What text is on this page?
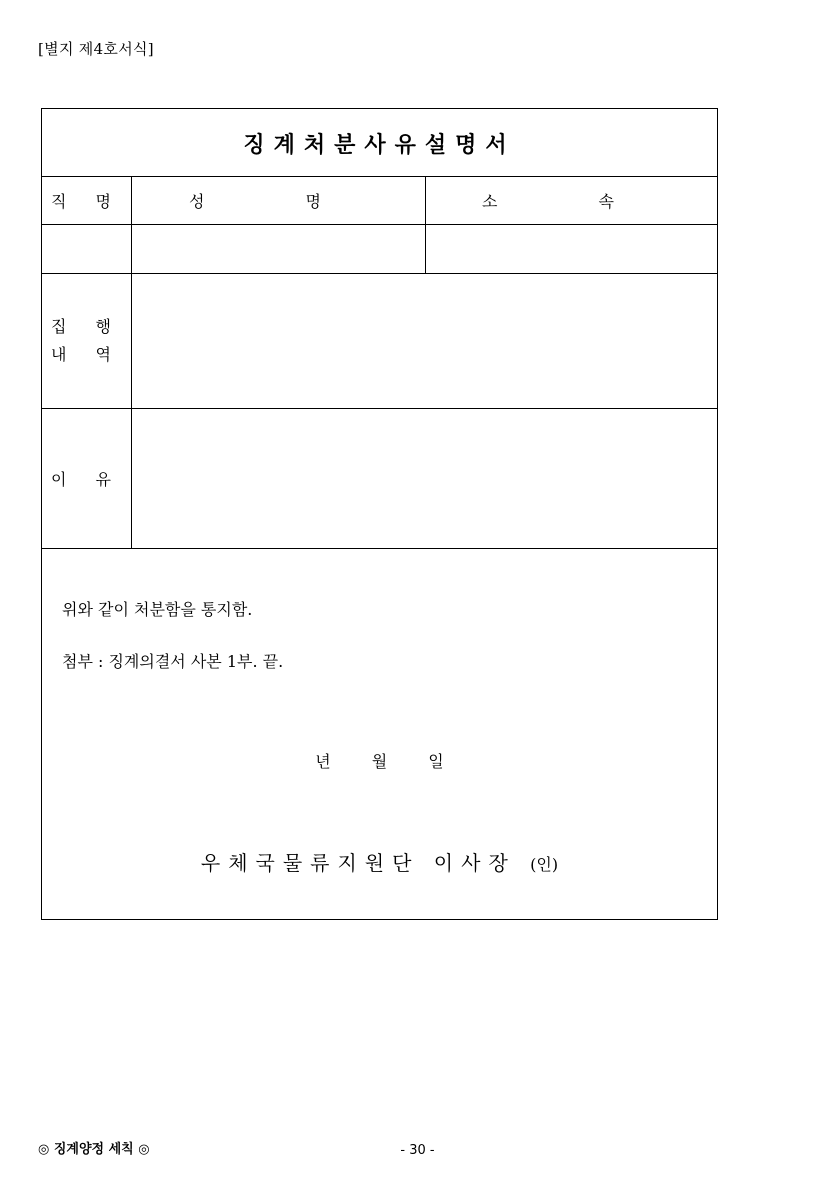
[별지 제4호서식]
징계처분사유설명서
직 명	성 명	소 속
집 행
내 역
이 유
위와 같이 처분함을 통지함.
첨부 : 징계의결서 사본 1부. 끝.
년 월 일
우체국물류지원단 이사장 (인)
◎ 징계양정 세칙 ◎	- 30 -
